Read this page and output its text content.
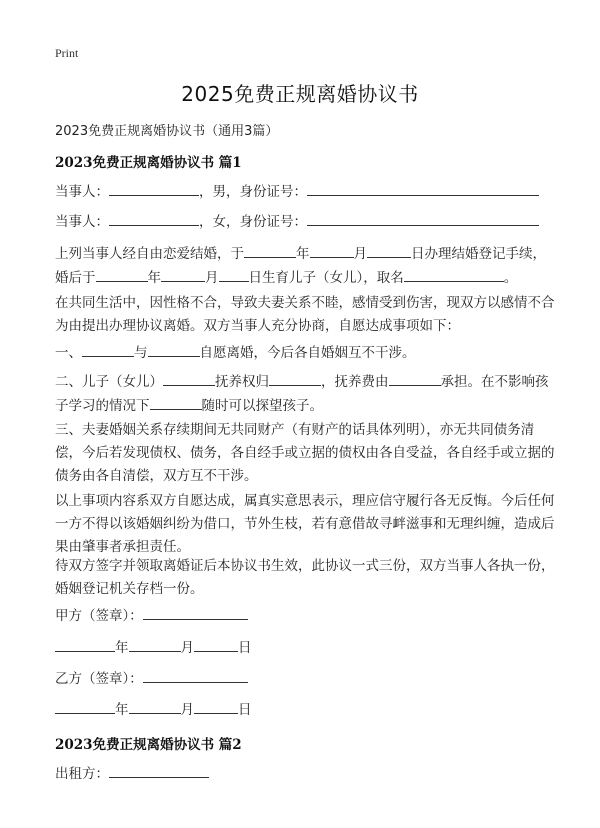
Print
2025免费正规离婚协议书
2023免费正规离婚协议书（通用3篇）
2023免费正规离婚协议书 篇1
当事人：	，男，身份证号：
当事人：	，女，身份证号：
上列当事人经自由恋爱结婚，于	年	月	日办理结婚登记手续，婚后于	年	月 日生育儿子（女儿），取名	。
在共同生活中，因性格不合，导致夫妻关系不睦，感情受到伤害，现双方以感情不合为由提出办理协议离婚。双方当事人充分协商，自愿达成事项如下：
一、	与	自愿离婚，今后各自婚姻互不干涉。
二、儿子（女儿）	抚养权归	，抚养费由	承担。在不影响孩子学习的情况下	随时可以探望孩子。
三、夫妻婚姻关系存续期间无共同财产（有财产的话具体列明），亦无共同债务清偿，今后若发现债权、债务，各自经手或立据的债权由各自受益，各自经手或立据的债务由各自清偿，双方互不干涉。
以上事项内容系双方自愿达成，属真实意思表示，理应信守履行各无反悔。今后任何一方不得以该婚姻纠纷为借口，节外生枝，若有意借故寻衅滋事和无理纠缠，造成后果由肇事者承担责任。
待双方签字并领取离婚证后本协议书生效，此协议一式三份，双方当事人各执一份，婚姻登记机关存档一份。
甲方（签章）：
年	月	日
乙方（签章）：
年	月	日
2023免费正规离婚协议书 篇2
出租方：
